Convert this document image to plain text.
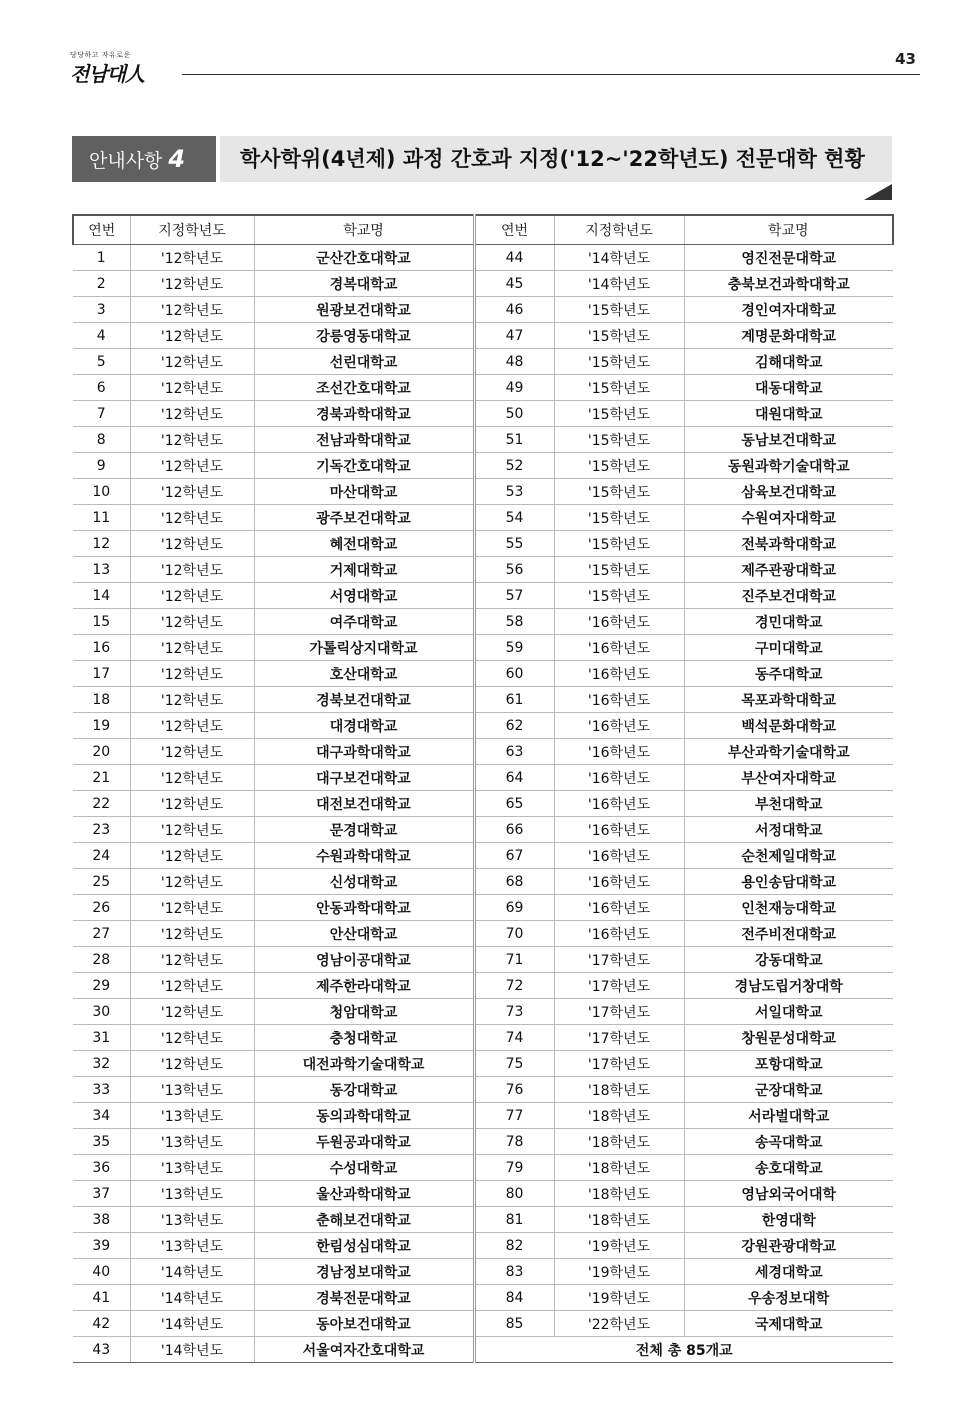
당당하고 자유로운
전남대人
43
안내사항 4	학사학위(4년제) 과정 간호과 지정('12~'22학년도) 전문대학 현황
연번	지정학년도	학교명	연번	지정학년도	학교명
1	'12학년도	군산간호대학교	44	'14학년도	영진전문대학교
2	'12학년도	경복대학교	45	'14학년도	충북보건과학대학교
3	'12학년도	원광보건대학교	46	'15학년도	경인여자대학교
4	'12학년도	강릉영동대학교	47	'15학년도	계명문화대학교
5	'12학년도	선린대학교	48	'15학년도	김해대학교
6	'12학년도	조선간호대학교	49	'15학년도	대동대학교
7	'12학년도	경북과학대학교	50	'15학년도	대원대학교
8	'12학년도	전남과학대학교	51	'15학년도	동남보건대학교
9	'12학년도	기독간호대학교	52	'15학년도	동원과학기술대학교
10	'12학년도	마산대학교	53	'15학년도	삼육보건대학교
11	'12학년도	광주보건대학교	54	'15학년도	수원여자대학교
12	'12학년도	혜전대학교	55	'15학년도	전북과학대학교
13	'12학년도	거제대학교	56	'15학년도	제주관광대학교
14	'12학년도	서영대학교	57	'15학년도	진주보건대학교
15	'12학년도	여주대학교	58	'16학년도	경민대학교
16	'12학년도	가톨릭상지대학교	59	'16학년도	구미대학교
17	'12학년도	호산대학교	60	'16학년도	동주대학교
18	'12학년도	경북보건대학교	61	'16학년도	목포과학대학교
19	'12학년도	대경대학교	62	'16학년도	백석문화대학교
20	'12학년도	대구과학대학교	63	'16학년도	부산과학기술대학교
21	'12학년도	대구보건대학교	64	'16학년도	부산여자대학교
22	'12학년도	대전보건대학교	65	'16학년도	부천대학교
23	'12학년도	문경대학교	66	'16학년도	서정대학교
24	'12학년도	수원과학대학교	67	'16학년도	순천제일대학교
25	'12학년도	신성대학교	68	'16학년도	용인송담대학교
26	'12학년도	안동과학대학교	69	'16학년도	인천재능대학교
27	'12학년도	안산대학교	70	'16학년도	전주비전대학교
28	'12학년도	영남이공대학교	71	'17학년도	강동대학교
29	'12학년도	제주한라대학교	72	'17학년도	경남도립거창대학
30	'12학년도	청암대학교	73	'17학년도	서일대학교
31	'12학년도	충청대학교	74	'17학년도	창원문성대학교
32	'12학년도	대전과학기술대학교	75	'17학년도	포항대학교
33	'13학년도	동강대학교	76	'18학년도	군장대학교
34	'13학년도	동의과학대학교	77	'18학년도	서라벌대학교
35	'13학년도	두원공과대학교	78	'18학년도	송곡대학교
36	'13학년도	수성대학교	79	'18학년도	송호대학교
37	'13학년도	울산과학대학교	80	'18학년도	영남외국어대학
38	'13학년도	춘해보건대학교	81	'18학년도	한영대학
39	'13학년도	한림성심대학교	82	'19학년도	강원관광대학교
40	'14학년도	경남정보대학교	83	'19학년도	세경대학교
41	'14학년도	경북전문대학교	84	'19학년도	우송정보대학
42	'14학년도	동아보건대학교	85	'22학년도	국제대학교
43	'14학년도	서울여자간호대학교	전체 총 85개교		
